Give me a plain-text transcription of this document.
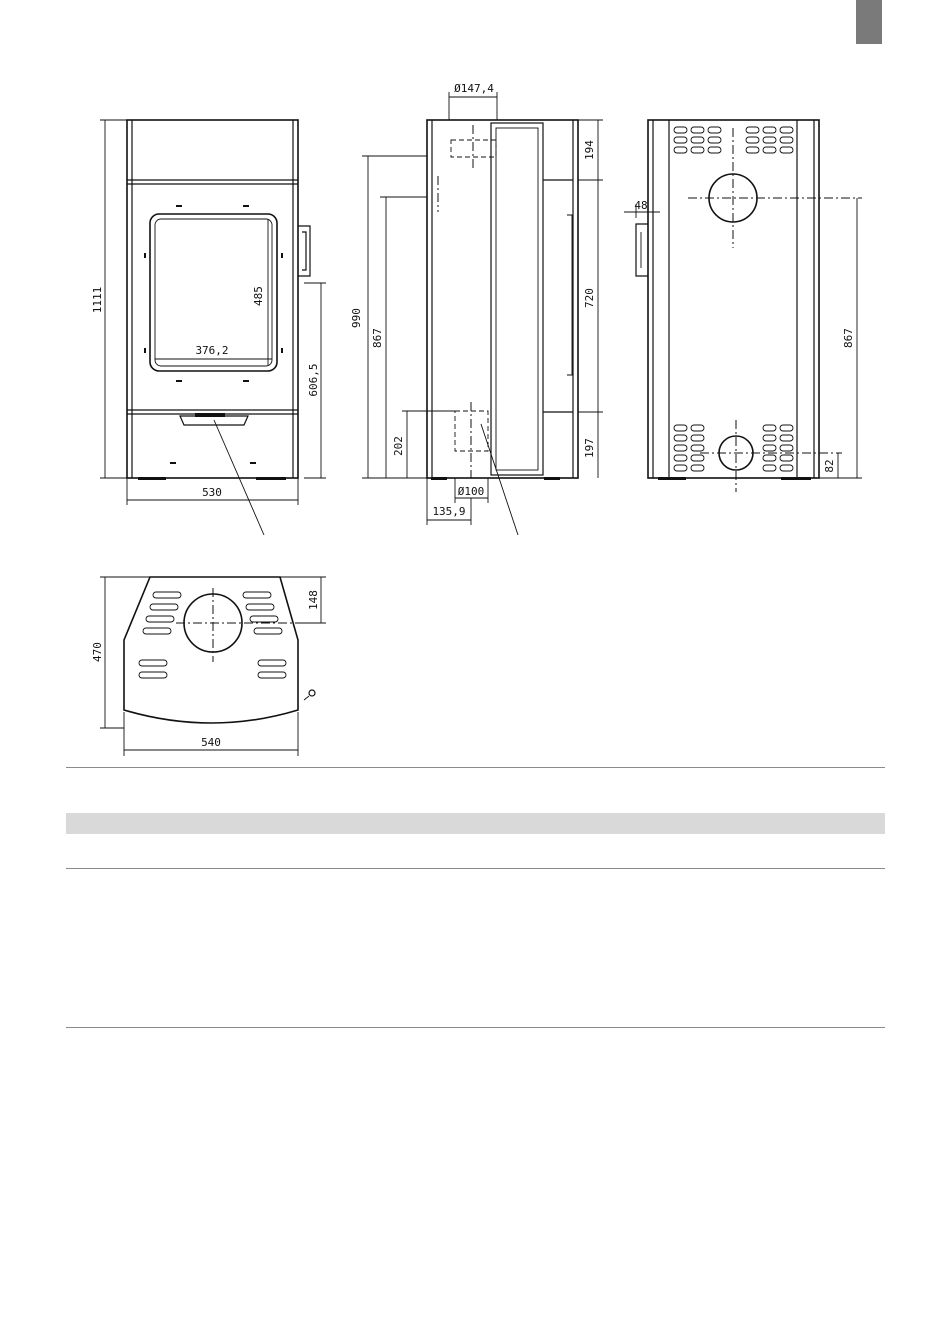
1111	485
376,2
606,5
530
Ø147,4
990
867
202
194
720
197
Ø100
135,9
48
867
82
470
148
540
